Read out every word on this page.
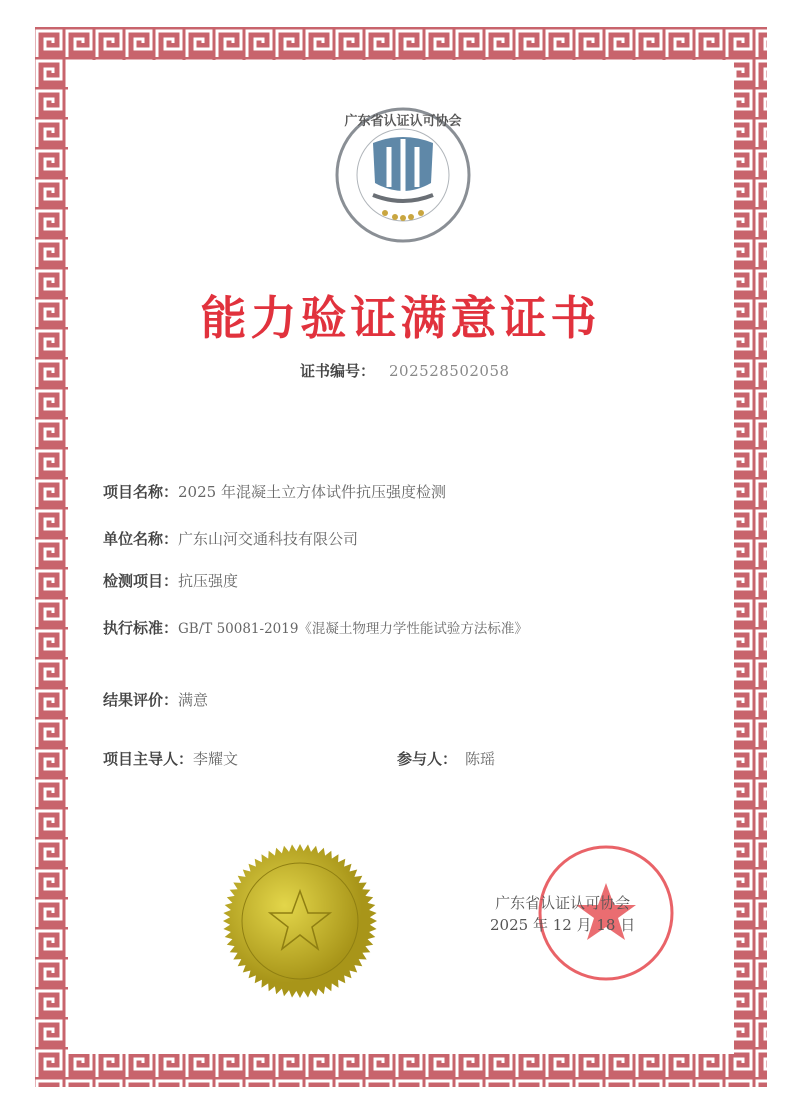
广东省认证认可协会
能力验证满意证书
证书编号： 202528502058
项目名称：2025 年混凝土立方体试件抗压强度检测
单位名称：广东山河交通科技有限公司
检测项目：抗压强度
执行标准：GB/T 50081-2019《混凝土物理力学性能试验方法标准》
结果评价：满意
项目主导人：李耀文	参与人： 陈瑶
广东省认证认可协会
2025 年 12 月 18 日
